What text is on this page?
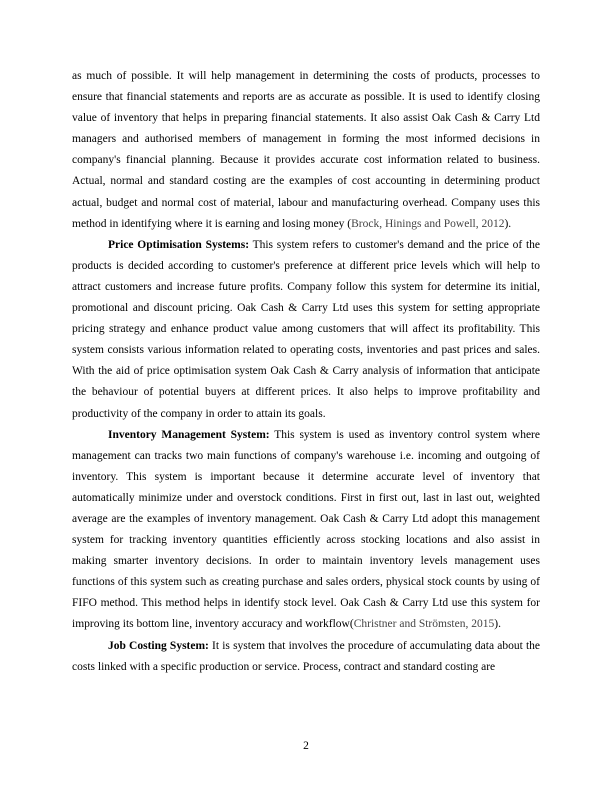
as much of possible. It will help management in determining the costs of products, processes to ensure that financial statements and reports are as accurate as possible. It is used to identify closing value of inventory that helps in preparing financial statements. It also assist Oak Cash & Carry Ltd managers and authorised members of management in forming the most informed decisions in company's financial planning. Because it provides accurate cost information related to business. Actual, normal and standard costing are the examples of cost accounting in determining product actual, budget and normal cost of material, labour and manufacturing overhead. Company uses this method in identifying where it is earning and losing money (Brock, Hinings and Powell, 2012).

Price Optimisation Systems: This system refers to customer's demand and the price of the products is decided according to customer's preference at different price levels which will help to attract customers and increase future profits. Company follow this system for determine its initial, promotional and discount pricing. Oak Cash & Carry Ltd uses this system for setting appropriate pricing strategy and enhance product value among customers that will affect its profitability. This system consists various information related to operating costs, inventories and past prices and sales. With the aid of price optimisation system Oak Cash & Carry analysis of information that anticipate the behaviour of potential buyers at different prices. It also helps to improve profitability and productivity of the company in order to attain its goals.

Inventory Management System: This system is used as inventory control system where management can tracks two main functions of company's warehouse i.e. incoming and outgoing of inventory. This system is important because it determine accurate level of inventory that automatically minimize under and overstock conditions. First in first out, last in last out, weighted average are the examples of inventory management. Oak Cash & Carry Ltd adopt this management system for tracking inventory quantities efficiently across stocking locations and also assist in making smarter inventory decisions. In order to maintain inventory levels management uses functions of this system such as creating purchase and sales orders, physical stock counts by using of FIFO method. This method helps in identify stock level. Oak Cash & Carry Ltd use this system for improving its bottom line, inventory accuracy and workflow(Christner and Strömsten, 2015).

Job Costing System: It is system that involves the procedure of accumulating data about the costs linked with a specific production or service. Process, contract and standard costing are

2
